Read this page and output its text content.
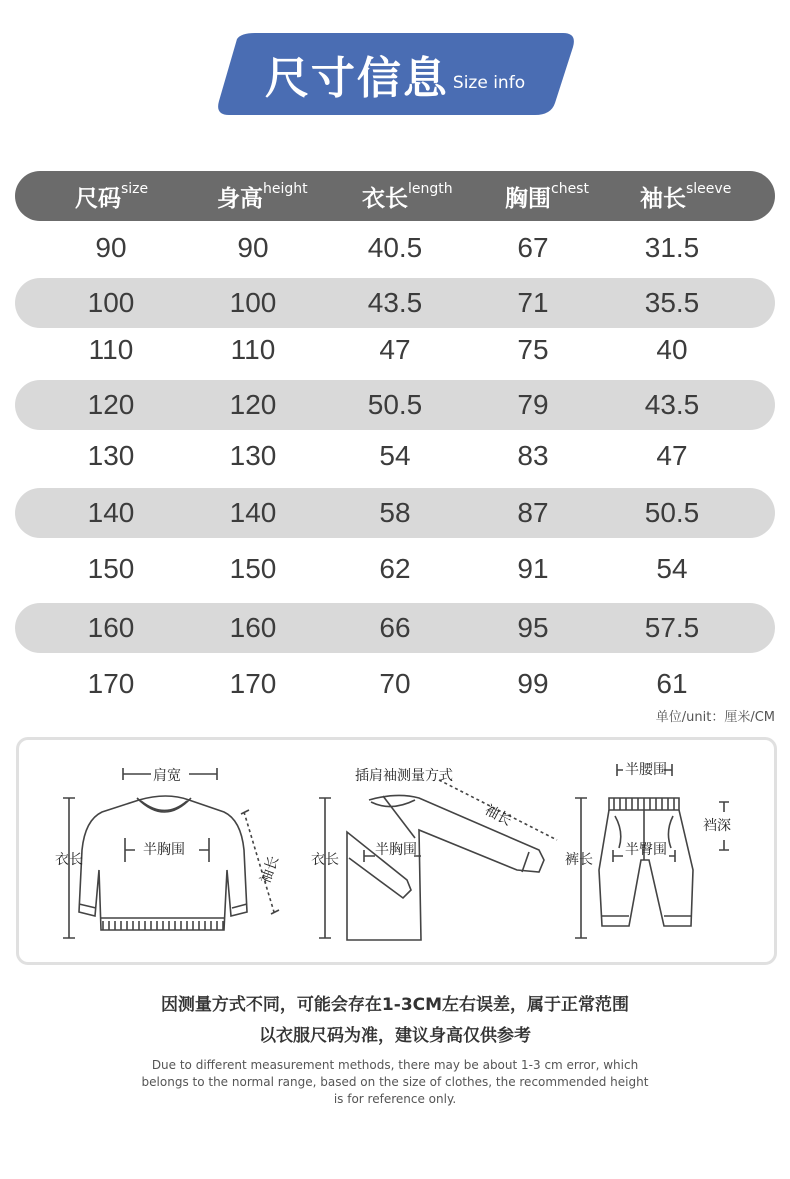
尺寸信息 Size info
尺码 size	身高 height 衣长 length 胸围 chest 袖长 sleeve
90	90	40.5	67	31.5
100	100	43.5	71	35.5
110	110	47	75	40
120	120	50.5	79	43.5
130	130	54	83	47
140	140	58	87	50.5
150	150	62	91	54
160	160	66	95	57.5
170	170	70	99	61
单位/unit：厘米/CM
肩宽
衣长
半胸围
袖长
插肩袖测量方式
袖长
衣长
半胸围
半腰围
裤长
半臀围
裆深
因测量方式不同，可能会存在1-3CM左右误差，属于正常范围
以衣服尺码为准，建议身高仅供参考
Due to different measurement methods, there may be about 1-3 cm error, which
belongs to the normal range, based on the size of clothes, the recommended height
is for reference only.
